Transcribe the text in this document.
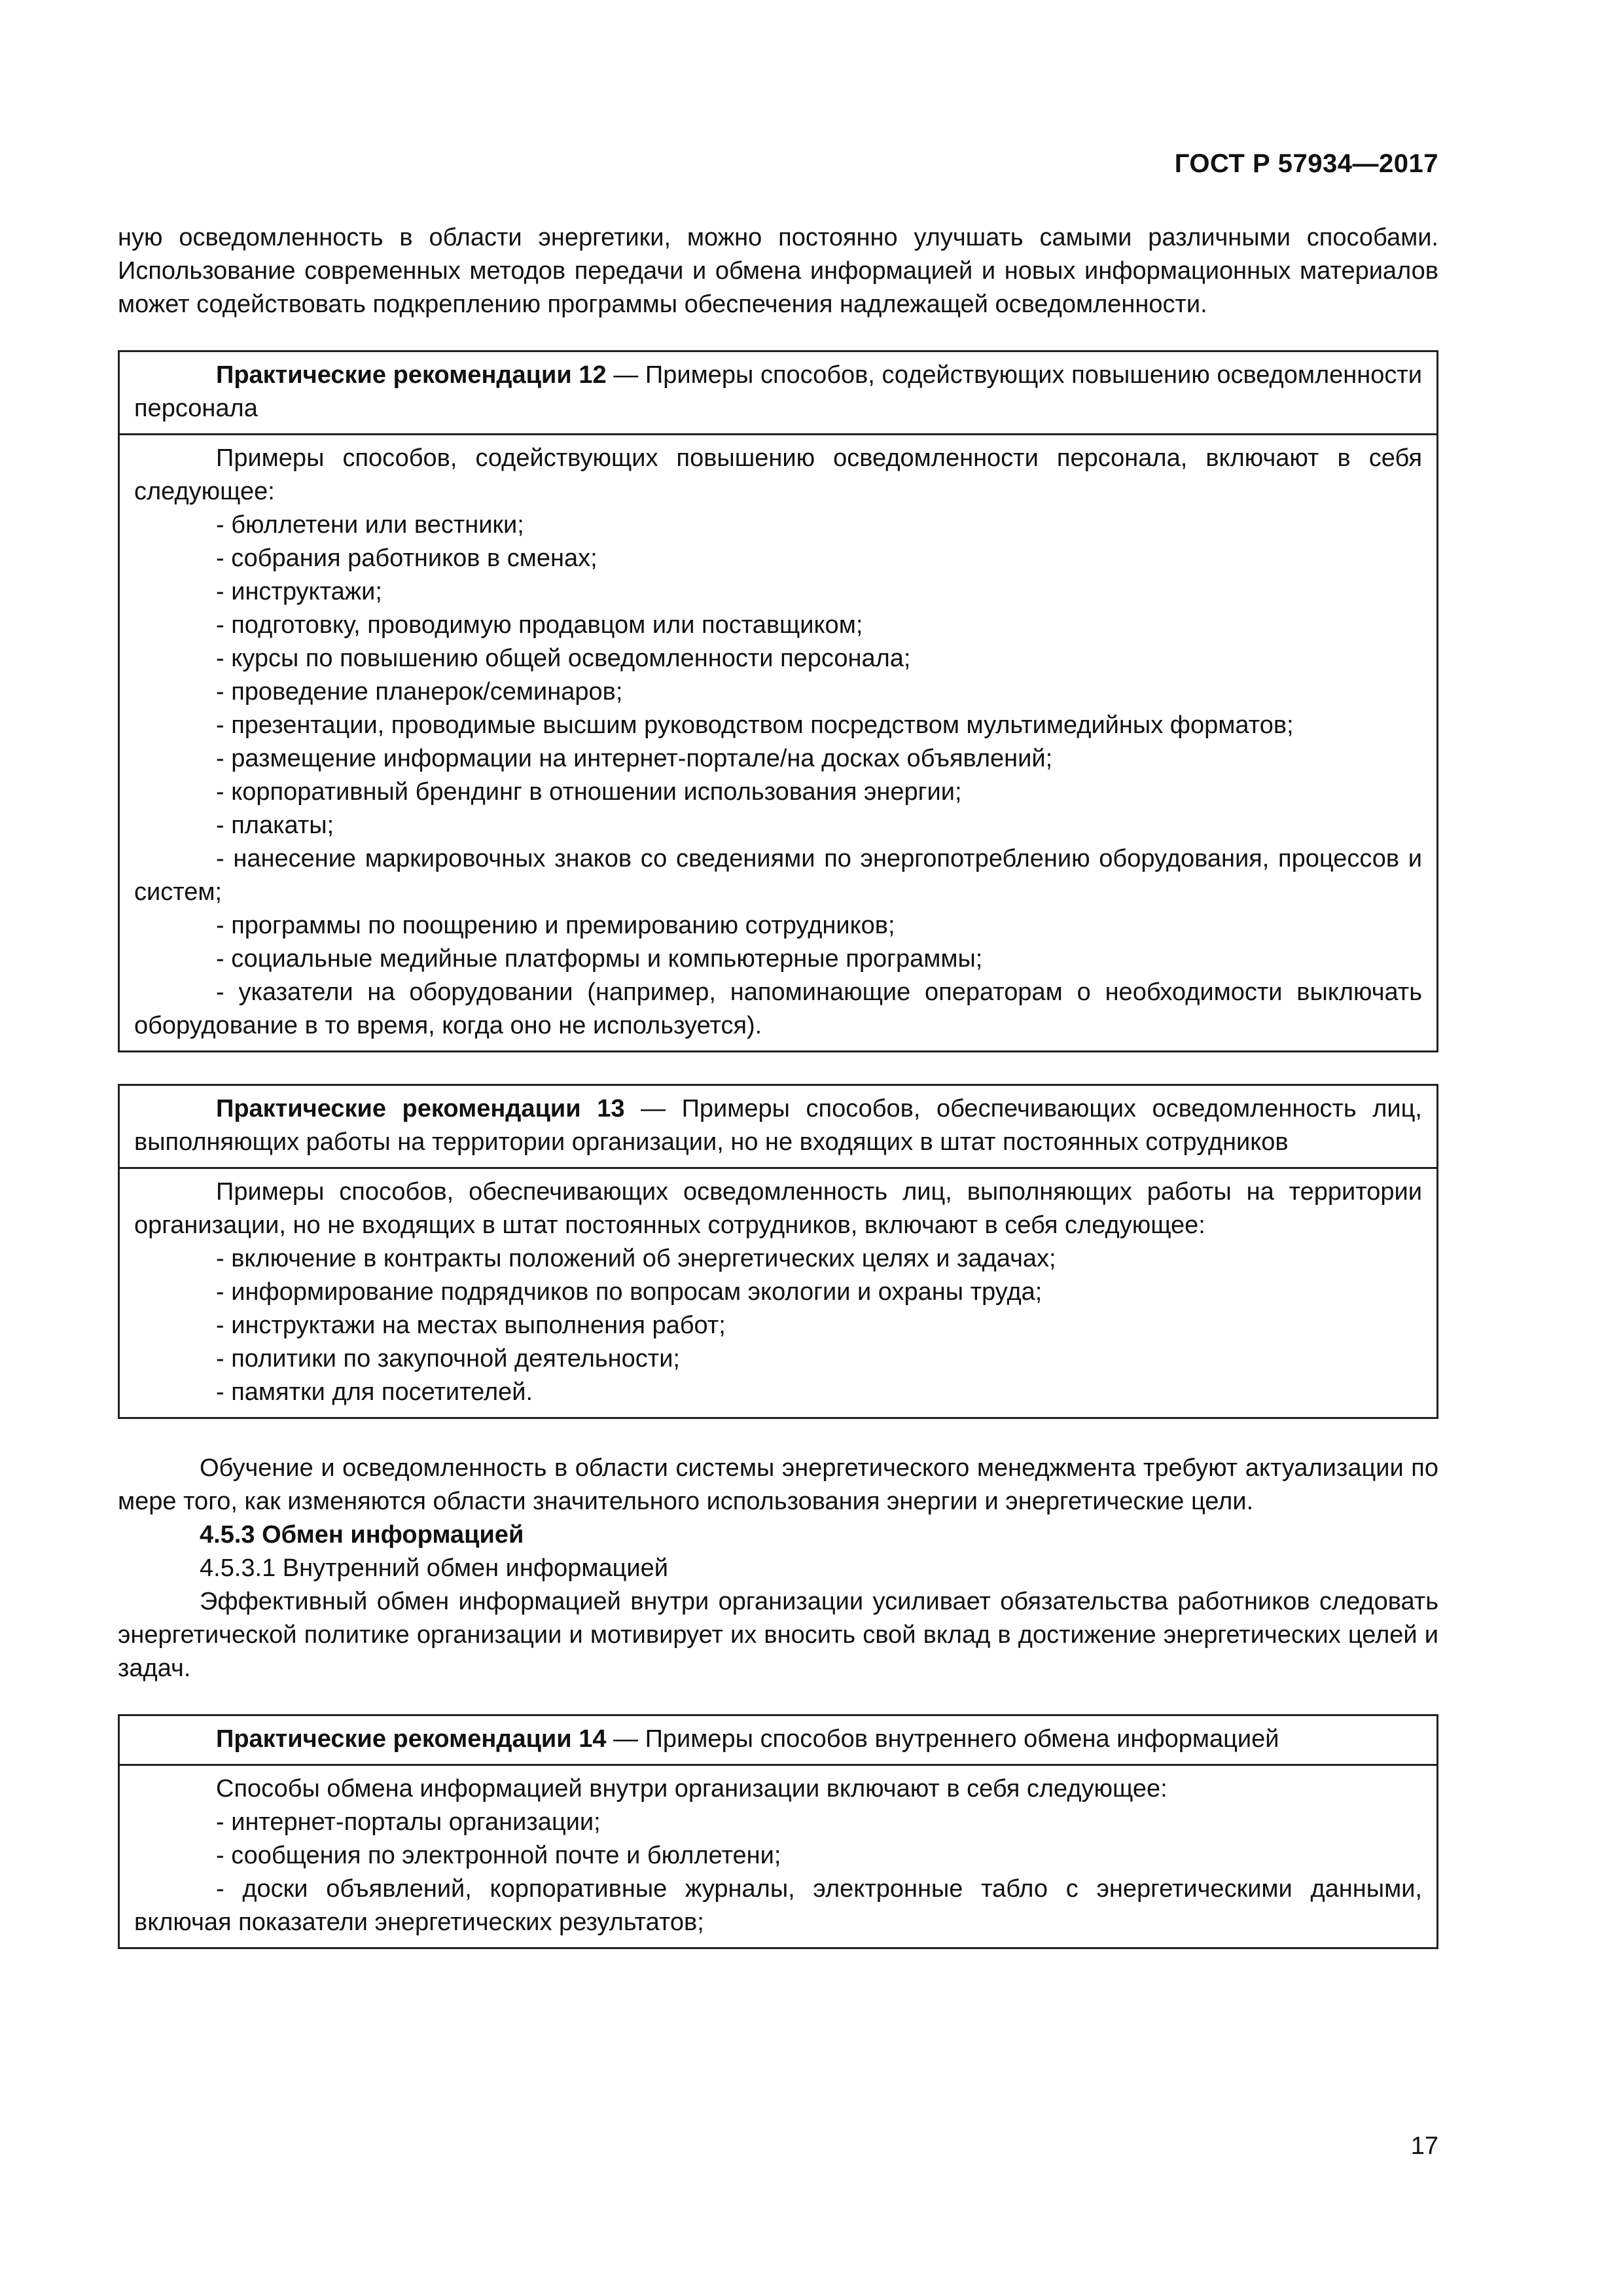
ГОСТ Р 57934—2017

ную осведомленность в области энергетики, можно постоянно улучшать самыми различными способами. Использование современных методов передачи и обмена информацией и новых информационных материалов может содействовать подкреплению программы обеспечения надлежащей осведомленности.

Практические рекомендации 12 — Примеры способов, содействующих повышению осведомленности персонала

Примеры способов, содействующих повышению осведомленности персонала, включают в себя следующее:

- бюллетени или вестники;

- собрания работников в сменах;

- инструктажи;

- подготовку, проводимую продавцом или поставщиком;

- курсы по повышению общей осведомленности персонала;

- проведение планерок/семинаров;

- презентации, проводимые высшим руководством посредством мультимедийных форматов;

- размещение информации на интернет-портале/на досках объявлений;

- корпоративный брендинг в отношении использования энергии;

- плакаты;

- нанесение маркировочных знаков со сведениями по энергопотреблению оборудования, процессов и систем;

- программы по поощрению и премированию сотрудников;

- социальные медийные платформы и компьютерные программы;

- указатели на оборудовании (например, напоминающие операторам о необходимости выключать оборудование в то время, когда оно не используется).

Практические рекомендации 13 — Примеры способов, обеспечивающих осведомленность лиц, выполняющих работы на территории организации, но не входящих в штат постоянных сотрудников

Примеры способов, обеспечивающих осведомленность лиц, выполняющих работы на территории организации, но не входящих в штат постоянных сотрудников, включают в себя следующее:

- включение в контракты положений об энергетических целях и задачах;

- информирование подрядчиков по вопросам экологии и охраны труда;

- инструктажи на местах выполнения работ;

- политики по закупочной деятельности;

- памятки для посетителей.

Обучение и осведомленность в области системы энергетического менеджмента требуют актуализации по мере того, как изменяются области значительного использования энергии и энергетические цели.

4.5.3 Обмен информацией

4.5.3.1 Внутренний обмен информацией

Эффективный обмен информацией внутри организации усиливает обязательства работников следовать энергетической политике организации и мотивирует их вносить свой вклад в достижение энергетических целей и задач.

Практические рекомендации 14 — Примеры способов внутреннего обмена информацией

Способы обмена информацией внутри организации включают в себя следующее:

- интернет-порталы организации;

- сообщения по электронной почте и бюллетени;

- доски объявлений, корпоративные журналы, электронные табло с энергетическими данными, включая показатели энергетических результатов;

17
